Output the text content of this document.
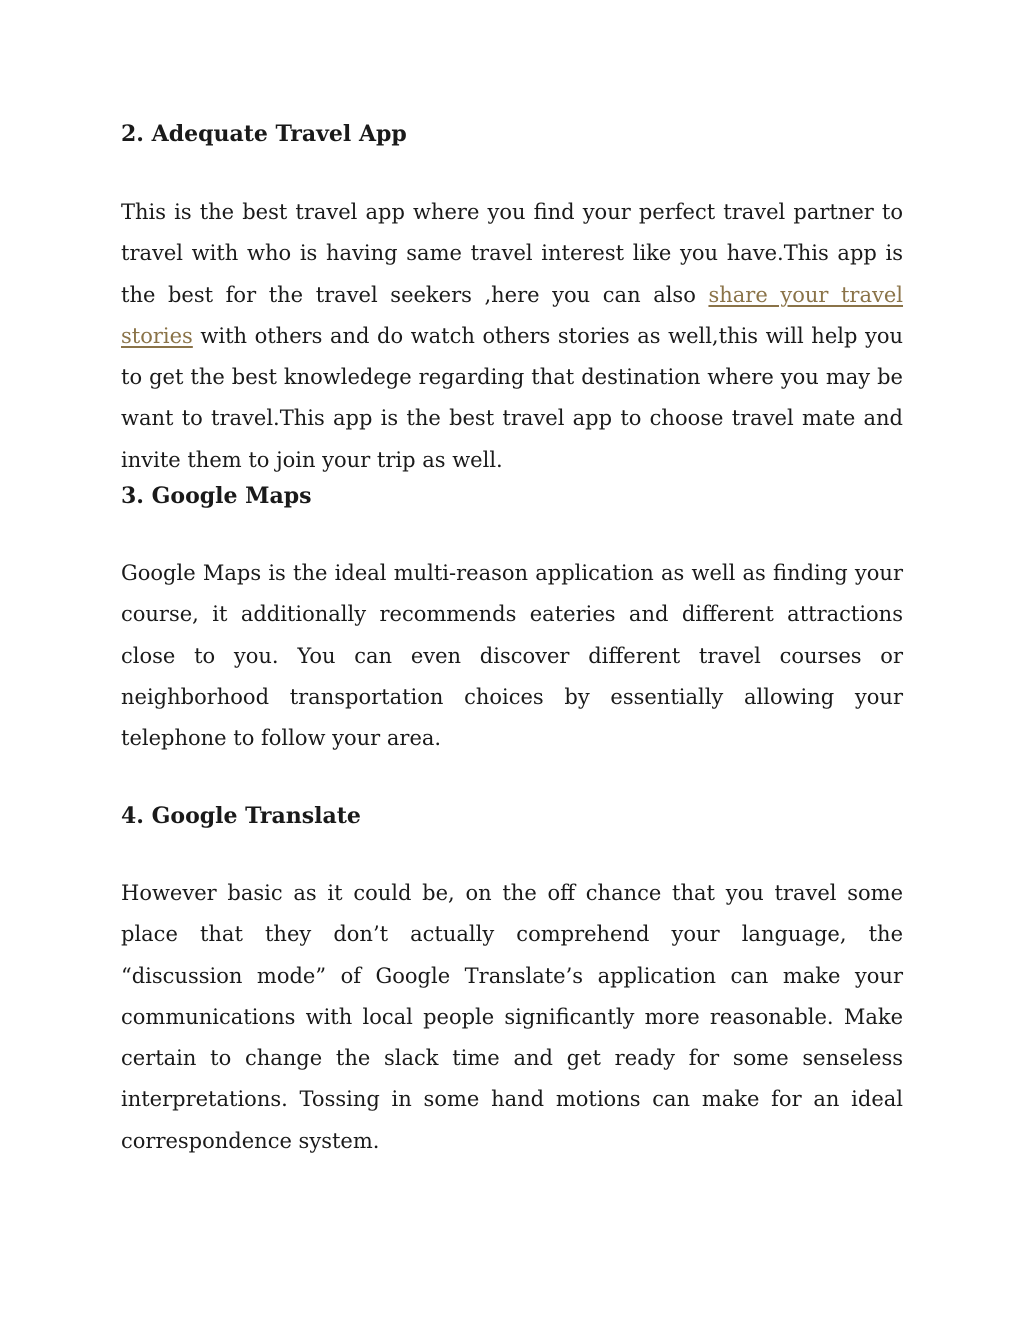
2. Adequate Travel App

This is the best travel app where you find your perfect travel partner to travel with who is having same travel interest like you have.This app is the best for the travel seekers ,here you can also share your travel stories with others and do watch others stories as well,this will help you to get the best knowledege regarding that destination where you may be want to travel.This app is the best travel app to choose travel mate and invite them to join your trip as well.

3. Google Maps

Google Maps is the ideal multi-reason application as well as finding your course, it additionally recommends eateries and different attractions close to you. You can even discover different travel courses or neighborhood transportation choices by essentially allowing your telephone to follow your area.

4. Google Translate

However basic as it could be, on the off chance that you travel some place that they don’t actually comprehend your language, the “discussion mode” of Google Translate’s application can make your communications with local people significantly more reasonable. Make certain to change the slack time and get ready for some senseless interpretations. Tossing in some hand motions can make for an ideal correspondence system.
